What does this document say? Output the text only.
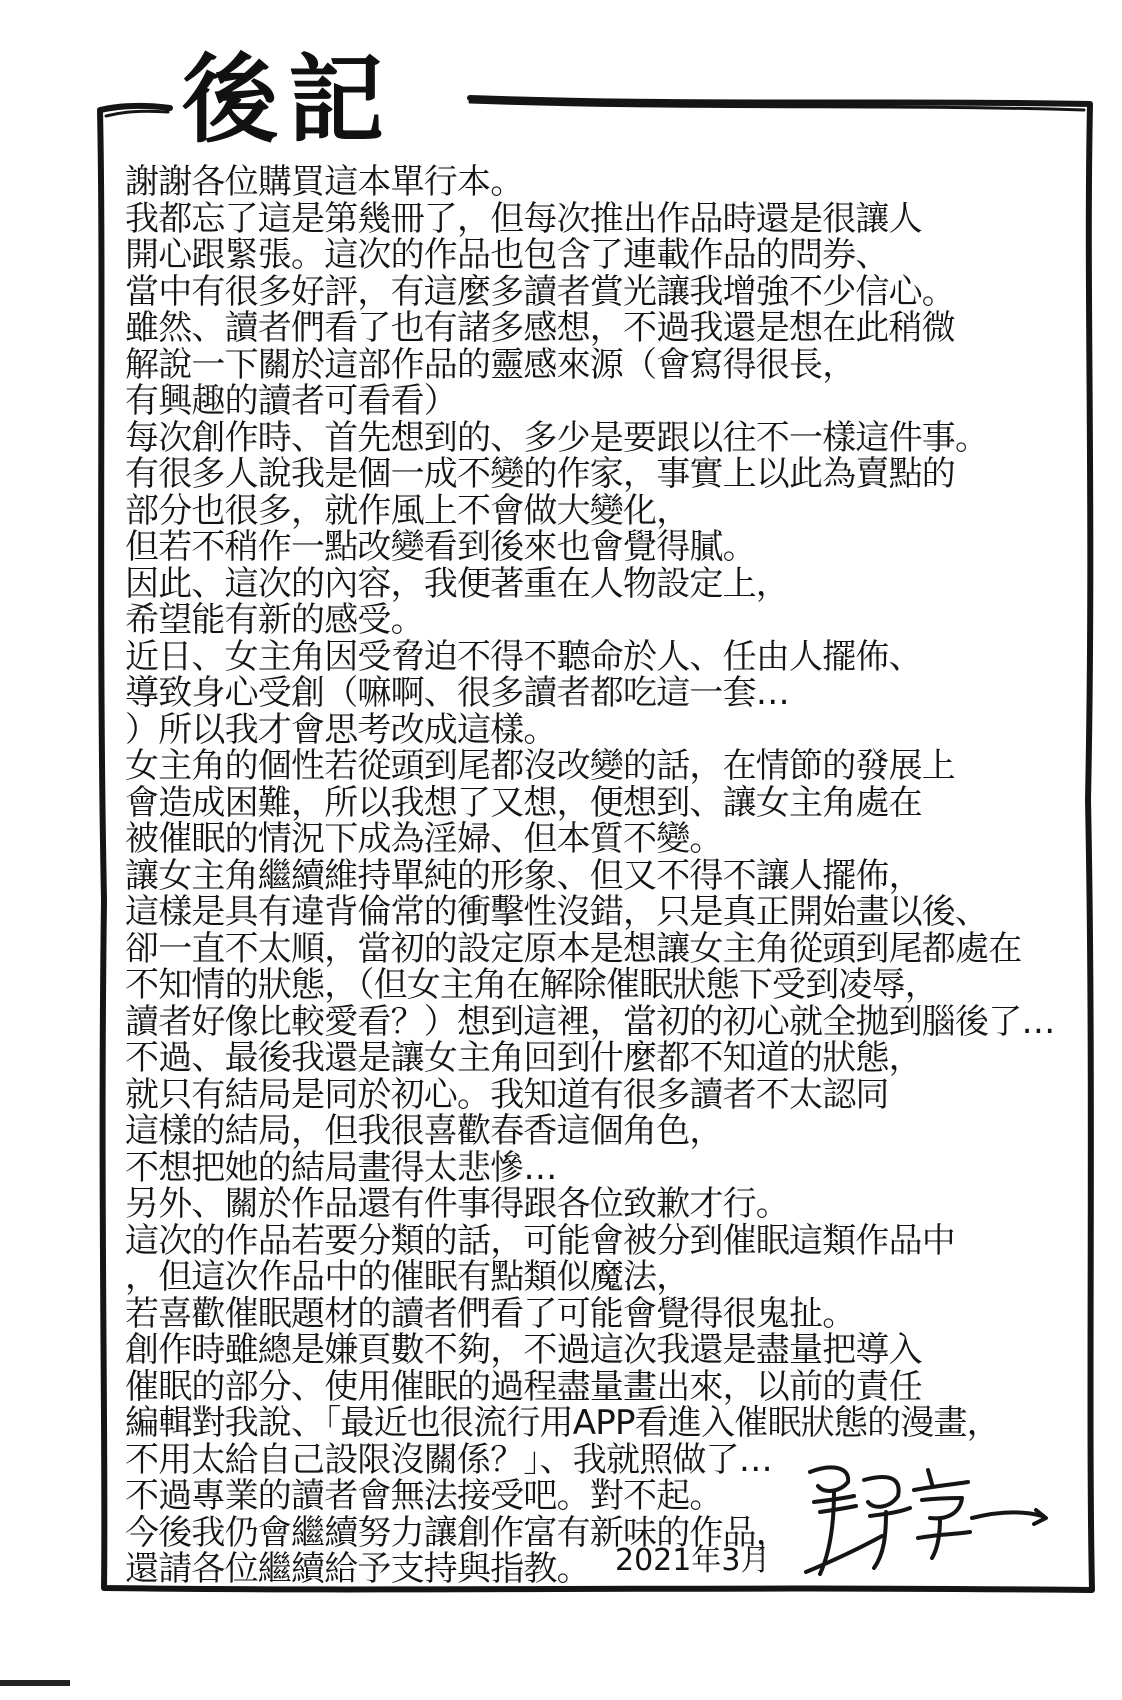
後記
謝謝各位購買這本單行本。
我都忘了這是第幾冊了，但每次推出作品時還是很讓人
開心跟緊張。這次的作品也包含了連載作品的問券、
當中有很多好評，有這麼多讀者賞光讓我增強不少信心。
雖然、讀者們看了也有諸多感想，不過我還是想在此稍微
解說一下關於這部作品的靈感來源（會寫得很長，
有興趣的讀者可看看）
每次創作時、首先想到的、多少是要跟以往不一樣這件事。
有很多人說我是個一成不變的作家，事實上以此為賣點的
部分也很多，就作風上不會做大變化，
但若不稍作一點改變看到後來也會覺得膩。
因此、這次的內容，我便著重在人物設定上，
希望能有新的感受。
近日、女主角因受脅迫不得不聽命於人、任由人擺佈、
導致身心受創（嘛啊、很多讀者都吃這一套…
）所以我才會思考改成這樣。
女主角的個性若從頭到尾都沒改變的話，在情節的發展上
會造成困難，所以我想了又想，便想到、讓女主角處在
被催眠的情況下成為淫婦、但本質不變。
讓女主角繼續維持單純的形象、但又不得不讓人擺佈，
這樣是具有違背倫常的衝擊性沒錯，只是真正開始畫以後、
卻一直不太順，當初的設定原本是想讓女主角從頭到尾都處在
不知情的狀態，（但女主角在解除催眠狀態下受到凌辱，
讀者好像比較愛看？）想到這裡，當初的初心就全拋到腦後了…
不過、最後我還是讓女主角回到什麼都不知道的狀態，
就只有結局是同於初心。我知道有很多讀者不太認同
這樣的結局，但我很喜歡春香這個角色，
不想把她的結局畫得太悲慘…
另外、關於作品還有件事得跟各位致歉才行。
這次的作品若要分類的話，可能會被分到催眠這類作品中
，但這次作品中的催眠有點類似魔法，
若喜歡催眠題材的讀者們看了可能會覺得很鬼扯。
創作時雖總是嫌頁數不夠，不過這次我還是盡量把導入
催眠的部分、使用催眠的過程盡量畫出來，以前的責任
編輯對我說、「最近也很流行用APP看進入催眠狀態的漫畫，
不用太給自己設限沒關係？」、我就照做了…
不過專業的讀者會無法接受吧。對不起。
今後我仍會繼續努力讓創作富有新味的作品，
還請各位繼續給予支持與指教。 2021年3月
